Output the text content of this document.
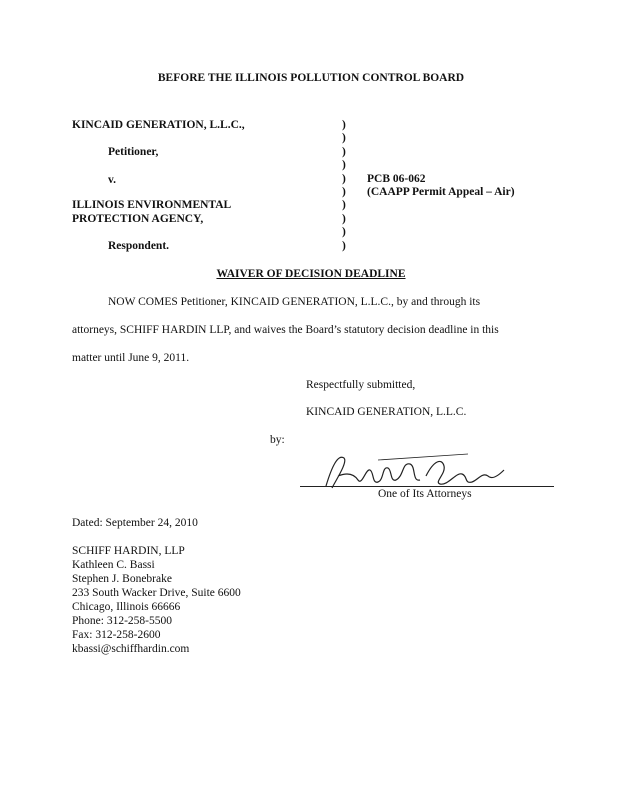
BEFORE THE ILLINOIS POLLUTION CONTROL BOARD
KINCAID GENERATION, L.L.C.,
Petitioner,
v.
ILLINOIS ENVIRONMENTAL
PROTECTION AGENCY,
Respondent.
)
)
)
)
)
)
)
)
)
)
PCB 06-062
(CAAPP Permit Appeal – Air)
WAIVER OF DECISION DEADLINE
NOW COMES Petitioner, KINCAID GENERATION, L.L.C., by and through its
attorneys, SCHIFF HARDIN LLP, and waives the Board’s statutory decision deadline in this
matter until June 9, 2011.
Respectfully submitted,
KINCAID GENERATION, L.L.C.
by:
One of Its Attorneys
Dated: September 24, 2010
SCHIFF HARDIN, LLP
Kathleen C. Bassi
Stephen J. Bonebrake
233 South Wacker Drive, Suite 6600
Chicago, Illinois 66666
Phone: 312-258-5500
Fax: 312-258-2600
kbassi@schiffhardin.com
